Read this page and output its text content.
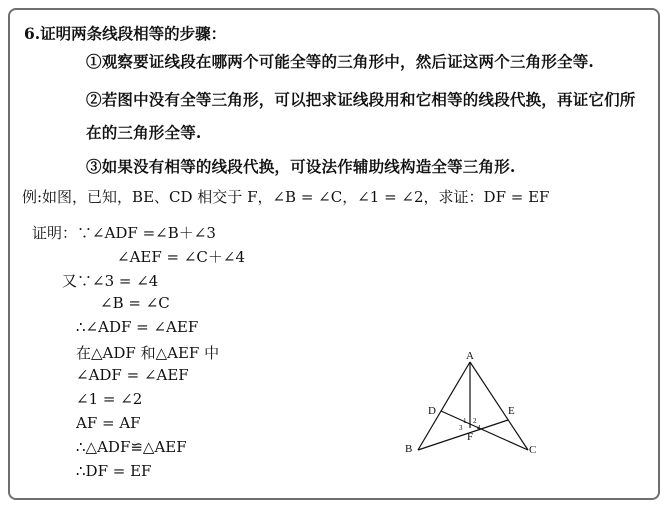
6.证明两条线段相等的步骤：
①观察要证线段在哪两个可能全等的三角形中，然后证这两个三角形全等.
②若图中没有全等三角形，可以把求证线段用和它相等的线段代换，再证它们所
在的三角形全等.
③如果没有相等的线段代换，可设法作辅助线构造全等三角形.
例:如图，已知，BE、CD 相交于 F，∠B = ∠C，∠1 = ∠2，求证：DF = EF
证明：∵∠ADF =∠B＋∠3
∠AEF = ∠C＋∠4
又∵∠3 = ∠4
∠B = ∠C
∴∠ADF = ∠AEF
在△ADF 和△AEF 中
∠ADF = ∠AEF
∠1 = ∠2
AF = AF
∴△ADF≌△AEF
∴DF = EF
A
B	C
D	E
F
1 2
3 4
